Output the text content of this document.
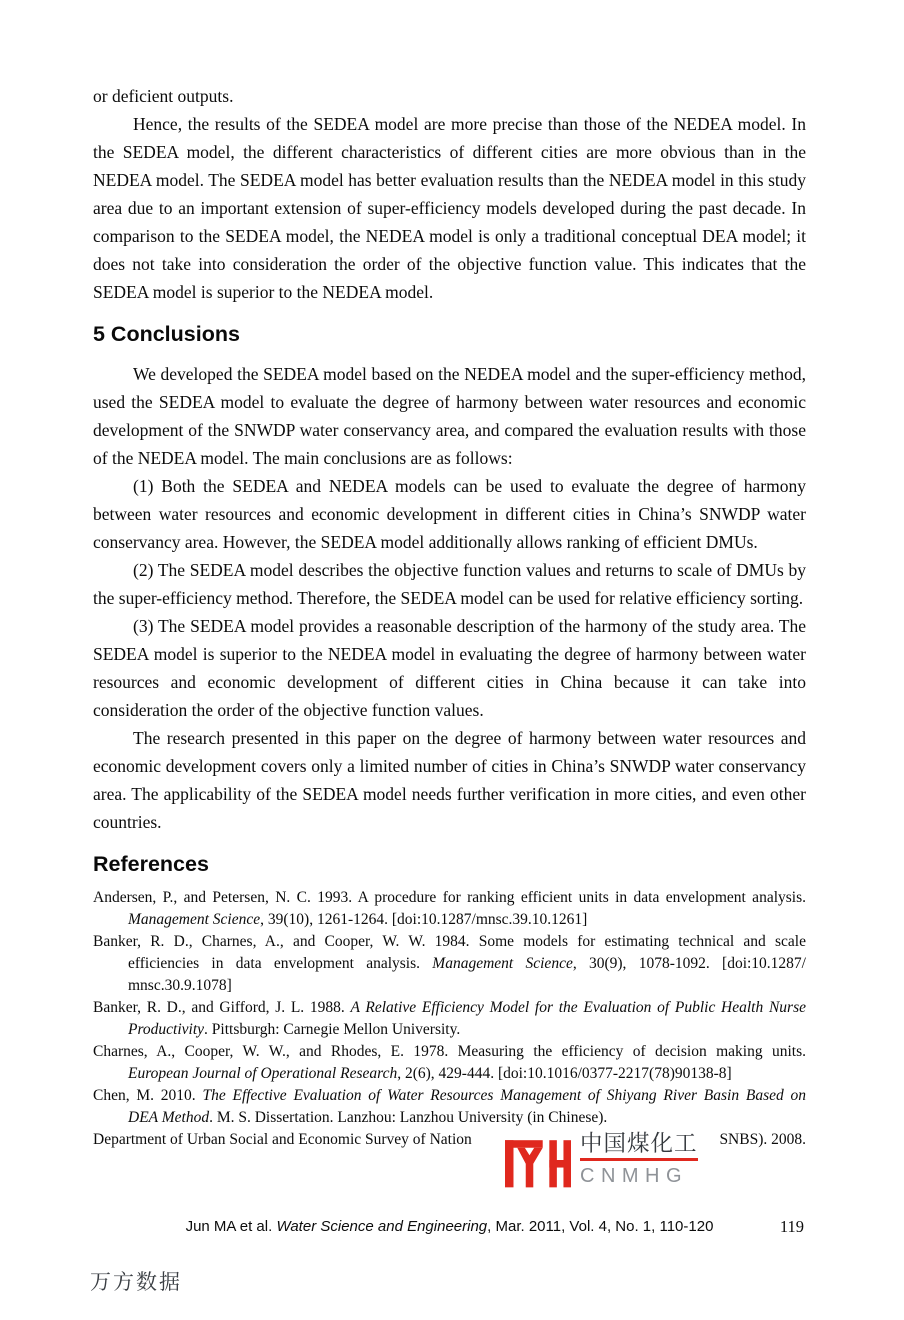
or deficient outputs.

Hence, the results of the SEDEA model are more precise than those of the NEDEA model. In the SEDEA model, the different characteristics of different cities are more obvious than in the NEDEA model. The SEDEA model has better evaluation results than the NEDEA model in this study area due to an important extension of super-efficiency models developed during the past decade. In comparison to the SEDEA model, the NEDEA model is only a traditional conceptual DEA model; it does not take into consideration the order of the objective function value. This indicates that the SEDEA model is superior to the NEDEA model.

5 Conclusions

We developed the SEDEA model based on the NEDEA model and the super-efficiency method, used the SEDEA model to evaluate the degree of harmony between water resources and economic development of the SNWDP water conservancy area, and compared the evaluation results with those of the NEDEA model. The main conclusions are as follows:

(1) Both the SEDEA and NEDEA models can be used to evaluate the degree of harmony between water resources and economic development in different cities in China’s SNWDP water conservancy area. However, the SEDEA model additionally allows ranking of efficient DMUs.

(2) The SEDEA model describes the objective function values and returns to scale of DMUs by the super-efficiency method. Therefore, the SEDEA model can be used for relative efficiency sorting.

(3) The SEDEA model provides a reasonable description of the harmony of the study area. The SEDEA model is superior to the NEDEA model in evaluating the degree of harmony between water resources and economic development of different cities in China because it can take into consideration the order of the objective function values.

The research presented in this paper on the degree of harmony between water resources and economic development covers only a limited number of cities in China’s SNWDP water conservancy area. The applicability of the SEDEA model needs further verification in more cities, and even other countries.

References
Andersen, P., and Petersen, N. C. 1993. A procedure for ranking efficient units in data envelopment analysis.
Management Science, 39(10), 1261-1264. [doi:10.1287/mnsc.39.10.1261]
Banker, R. D., Charnes, A., and Cooper, W. W. 1984. Some models for estimating technical and scale
efficiencies in data envelopment analysis. Management Science, 30(9), 1078-1092. [doi:10.1287/
mnsc.30.9.1078]
Banker, R. D., and Gifford, J. L. 1988. A Relative Efficiency Model for the Evaluation of Public Health Nurse
Productivity. Pittsburgh: Carnegie Mellon University.
Charnes, A., Cooper, W. W., and Rhodes, E. 1978. Measuring the efficiency of decision making units.
European Journal of Operational Research, 2(6), 429-444. [doi:10.1016/0377-2217(78)90138-8]
Chen, M. 2010. The Effective Evaluation of Water Resources Management of Shiyang River Basin Based on
DEA Method. M. S. Dissertation. Lanzhou: Lanzhou University (in Chinese).
Department of Urban Social and Economic Survey of Nation	SNBS). 2008.
中国煤化工
CNMHG
Jun MA et al. Water Science and Engineering, Mar. 2011, Vol. 4, No. 1, 110-120	119
万方数据
